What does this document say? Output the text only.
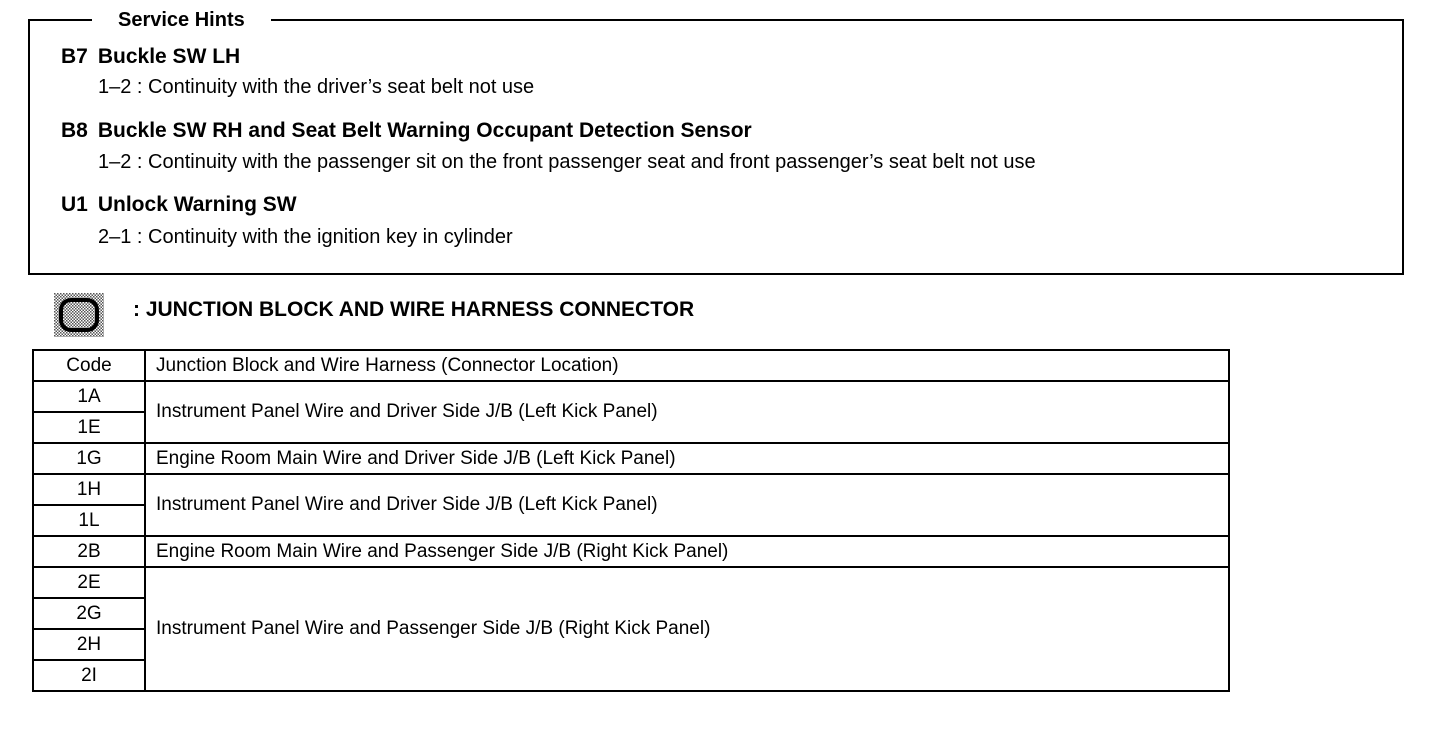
Service Hints
B7 Buckle SW LH
1–2 : Continuity with the driver’s seat belt not use
B8 Buckle SW RH and Seat Belt Warning Occupant Detection Sensor
1–2 : Continuity with the passenger sit on the front passenger seat and front passenger’s seat belt not use
U1 Unlock Warning SW
2–1 : Continuity with the ignition key in cylinder
: JUNCTION BLOCK AND WIRE HARNESS CONNECTOR
Code	Junction Block and Wire Harness (Connector Location)
1A	Instrument Panel Wire and Driver Side J/B (Left Kick Panel)
1E	
1G	Engine Room Main Wire and Driver Side J/B (Left Kick Panel)
1H	Instrument Panel Wire and Driver Side J/B (Left Kick Panel)
1L	
2B	Engine Room Main Wire and Passenger Side J/B (Right Kick Panel)
2E	Instrument Panel Wire and Passenger Side J/B (Right Kick Panel)
2G	
2H	
2I	
